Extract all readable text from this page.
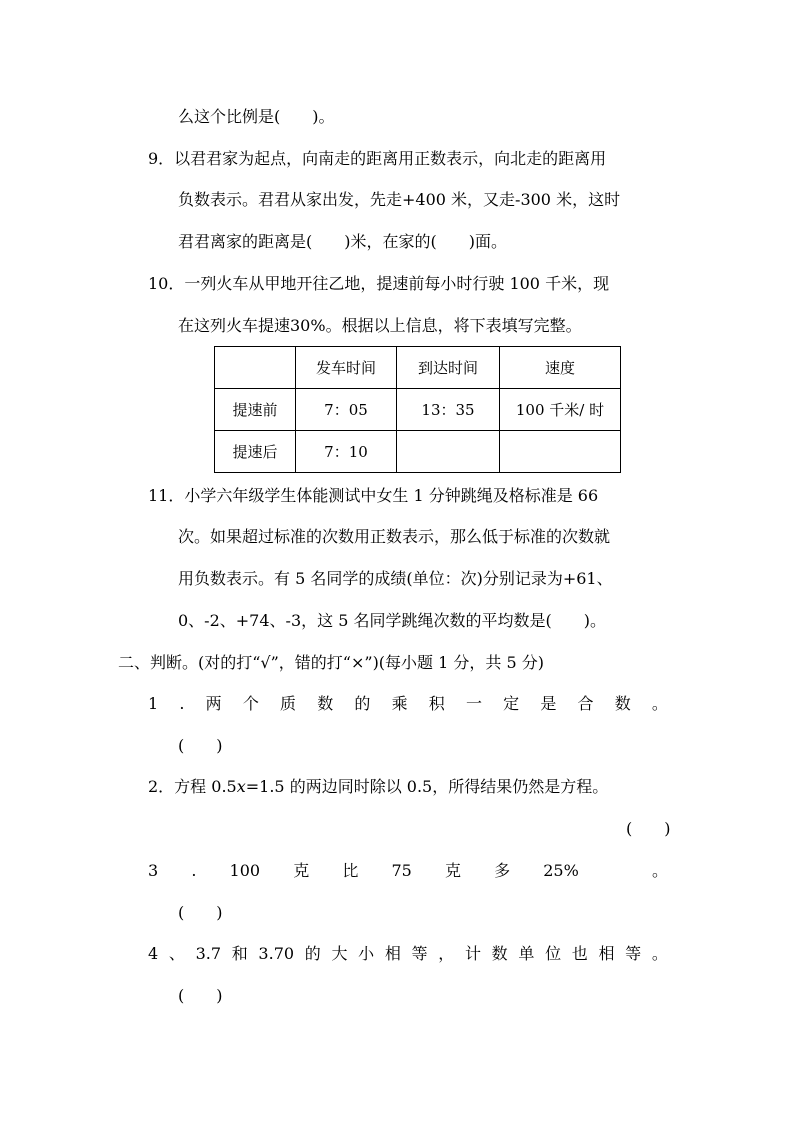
么这个比例是(　　)。
9．以君君家为起点，向南走的距离用正数表示，向北走的距离用
负数表示。君君从家出发，先走+400 米，又走-300 米，这时
君君离家的距离是(　　)米，在家的(　　)面。
10．一列火车从甲地开往乙地，提速前每小时行驶 100 千米，现
在这列火车提速30%。根据以上信息，将下表填写完整。
	发车时间	到达时间	速度
提速前	7：05	13：35	100 千米/ 时
提速后	7：10		
11．小学六年级学生体能测试中女生 1 分钟跳绳及格标准是 66
次。如果超过标准的次数用正数表示，那么低于标准的次数就
用负数表示。有 5 名同学的成绩(单位：次)分别记录为+61、
0、-2、+74、-3，这 5 名同学跳绳次数的平均数是(　　)。
二、判断。(对的打“√”，错的打“×”)(每小题 1 分，共 5 分)
1 . 两 个 质 数 的 乘 积 一 定 是 合 数 。
(　　)
2．方程 0.5x=1.5 的两边同时除以 0.5，所得结果仍然是方程。
(　　)
3 . 100 克 比 75 克 多 25%	。
(　　)
4 、 3.7 和 3.70 的 大 小 相 等 ， 计 数 单 位 也 相 等 。
(　　)
